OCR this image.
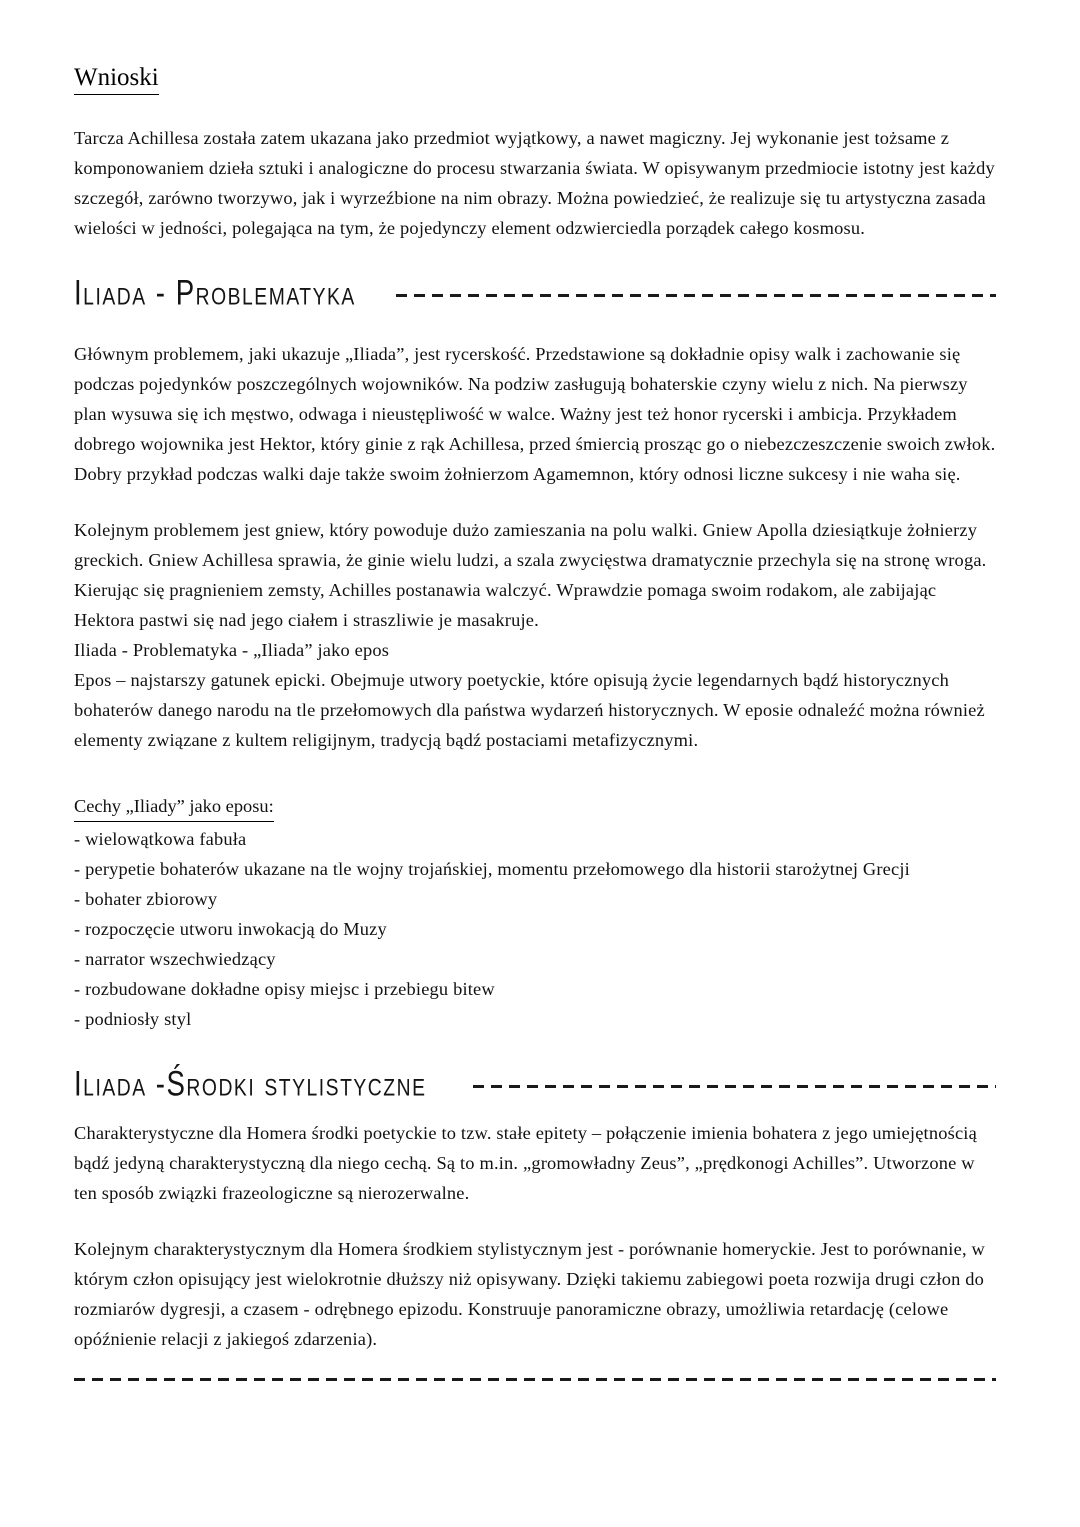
Wnioski

Tarcza Achillesa została zatem ukazana jako przedmiot wyjątkowy, a nawet magiczny. Jej wykonanie jest tożsame z komponowaniem dzieła sztuki i analogiczne do procesu stwarzania świata. W opisywanym przedmiocie istotny jest każdy szczegół, zarówno tworzywo, jak i wyrzeźbione na nim obrazy. Można powiedzieć, że realizuje się tu artystyczna zasada wielości w jedności, polegająca na tym, że pojedynczy element odzwierciedla porządek całego kosmosu.

Iliada - Problematyka

Głównym problemem, jaki ukazuje „Iliada”, jest rycerskość. Przedstawione są dokładnie opisy walk i zachowanie się podczas pojedynków poszczególnych wojowników. Na podziw zasługują bohaterskie czyny wielu z nich. Na pierwszy plan wysuwa się ich męstwo, odwaga i nieustępliwość w walce. Ważny jest też honor rycerski i ambicja. Przykładem dobrego wojownika jest Hektor, który ginie z rąk Achillesa, przed śmiercią prosząc go o niebezczeszczenie swoich zwłok.

Dobry przykład podczas walki daje także swoim żołnierzom Agamemnon, który odnosi liczne sukcesy i nie waha się.

Kolejnym problemem jest gniew, który powoduje dużo zamieszania na polu walki. Gniew Apolla dziesiątkuje żołnierzy greckich. Gniew Achillesa sprawia, że ginie wielu ludzi, a szala zwycięstwa dramatycznie przechyla się na stronę wroga. Kierując się pragnieniem zemsty, Achilles postanawia walczyć. Wprawdzie pomaga swoim rodakom, ale zabijając Hektora pastwi się nad jego ciałem i straszliwie je masakruje.

Iliada - Problematyka - „Iliada” jako epos

Epos – najstarszy gatunek epicki. Obejmuje utwory poetyckie, które opisują życie legendarnych bądź historycznych bohaterów danego narodu na tle przełomowych dla państwa wydarzeń historycznych. W eposie odnaleźć można również elementy związane z kultem religijnym, tradycją bądź postaciami metafizycznymi.

Cechy „Iliady” jako eposu:
- wielowątkowa fabuła
- perypetie bohaterów ukazane na tle wojny trojańskiej, momentu przełomowego dla historii starożytnej Grecji
- bohater zbiorowy
- rozpoczęcie utworu inwokacją do Muzy
- narrator wszechwiedzący
- rozbudowane dokładne opisy miejsc i przebiegu bitew
- podniosły styl
Iliada -Środki stylistyczne

Charakterystyczne dla Homera środki poetyckie to tzw. stałe epitety – połączenie imienia bohatera z jego umiejętnością bądź jedyną charakterystyczną dla niego cechą. Są to m.in. „gromowładny Zeus”, „prędkonogi Achilles”. Utworzone w ten sposób związki frazeologiczne są nierozerwalne.

Kolejnym charakterystycznym dla Homera środkiem stylistycznym jest - porównanie homeryckie. Jest to porównanie, w którym człon opisujący jest wielokrotnie dłuższy niż opisywany. Dzięki takiemu zabiegowi poeta rozwija drugi człon do rozmiarów dygresji, a czasem - odrębnego epizodu. Konstruuje panoramiczne obrazy, umożliwia retardację (celowe opóźnienie relacji z jakiegoś zdarzenia).
